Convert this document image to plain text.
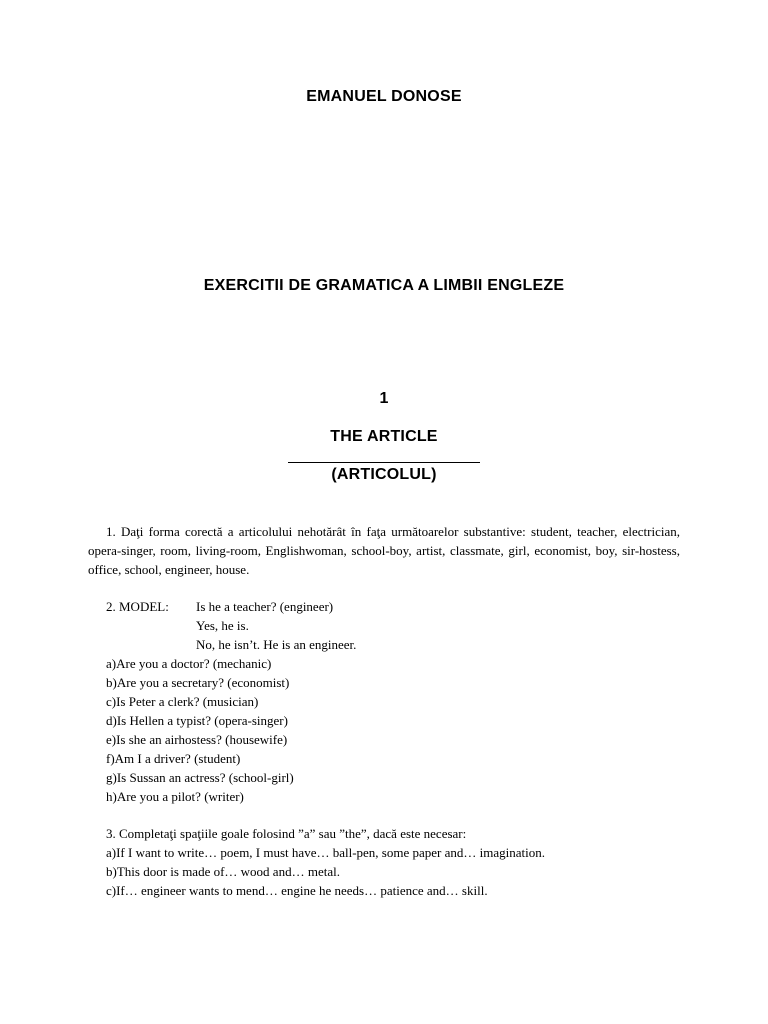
EMANUEL DONOSE
EXERCITII DE GRAMATICA A LIMBII ENGLEZE
1
THE ARTICLE
(ARTICOLUL)
1. Daţi forma corectă a articolului nehotărât în faţa următoarelor substantive: student, teacher, electrician, opera-singer, room, living-room, Englishwoman, school-boy, artist, classmate, girl, economist, boy, sir-hostess, office, school, engineer, house.
2. MODEL: Is he a teacher? (engineer)
Yes, he is.
No, he isn’t. He is an engineer.
a)Are you a doctor? (mechanic)
b)Are you a secretary? (economist)
c)Is Peter a clerk? (musician)
d)Is Hellen a typist? (opera-singer)
e)Is she an airhostess? (housewife)
f)Am I a driver? (student)
g)Is Sussan an actress? (school-girl)
h)Are you a pilot? (writer)
3. Completaţi spaţiile goale folosind ”a” sau ”the”, dacă este necesar:
a)If I want to write… poem, I must have… ball-pen, some paper and… imagination.
b)This door is made of… wood and… metal.
c)If… engineer wants to mend… engine he needs… patience and… skill.
